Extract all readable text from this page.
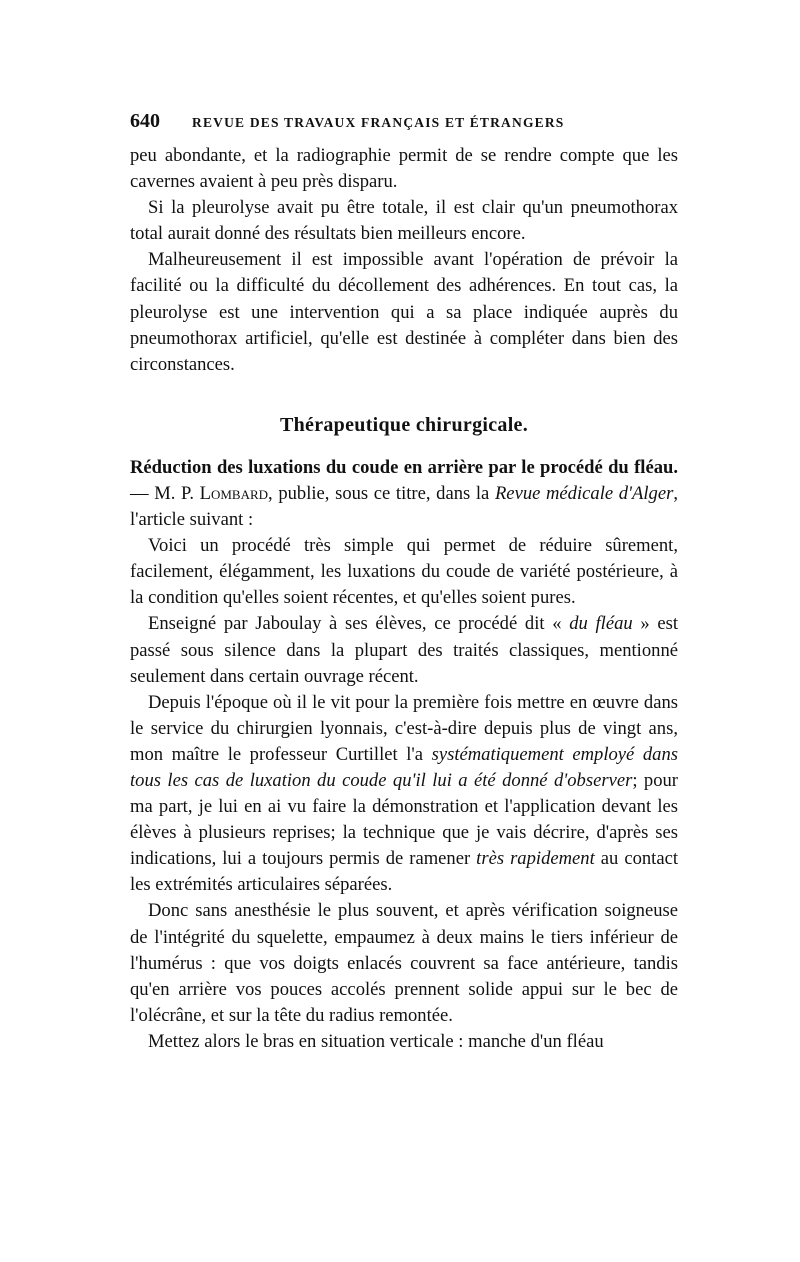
640	REVUE DES TRAVAUX FRANÇAIS ET ÉTRANGERS

peu abondante, et la radiographie permit de se rendre compte que les cavernes avaient à peu près disparu.

Si la pleurolyse avait pu être totale, il est clair qu'un pneumothorax total aurait donné des résultats bien meilleurs encore.

Malheureusement il est impossible avant l'opération de prévoir la facilité ou la difficulté du décollement des adhérences. En tout cas, la pleurolyse est une intervention qui a sa place indiquée auprès du pneumothorax artificiel, qu'elle est destinée à compléter dans bien des circonstances.

Thérapeutique chirurgicale.

Réduction des luxations du coude en arrière par le procédé du fléau. — M. P. Lombard, publie, sous ce titre, dans la Revue médicale d'Alger, l'article suivant :

Voici un procédé très simple qui permet de réduire sûrement, facilement, élégamment, les luxations du coude de variété postérieure, à la condition qu'elles soient récentes, et qu'elles soient pures.

Enseigné par Jaboulay à ses élèves, ce procédé dit « du fléau » est passé sous silence dans la plupart des traités classiques, mentionné seulement dans certain ouvrage récent.

Depuis l'époque où il le vit pour la première fois mettre en œuvre dans le service du chirurgien lyonnais, c'est-à-dire depuis plus de vingt ans, mon maître le professeur Curtillet l'a systématiquement employé dans tous les cas de luxation du coude qu'il lui a été donné d'observer; pour ma part, je lui en ai vu faire la démonstration et l'application devant les élèves à plusieurs reprises; la technique que je vais décrire, d'après ses indications, lui a toujours permis de ramener très rapidement au contact les extrémités articulaires séparées.

Donc sans anesthésie le plus souvent, et après vérification soigneuse de l'intégrité du squelette, empaumez à deux mains le tiers inférieur de l'humérus : que vos doigts enlacés couvrent sa face antérieure, tandis qu'en arrière vos pouces accolés prennent solide appui sur le bec de l'olécrâne, et sur la tête du radius remontée.

Mettez alors le bras en situation verticale : manche d'un fléau
